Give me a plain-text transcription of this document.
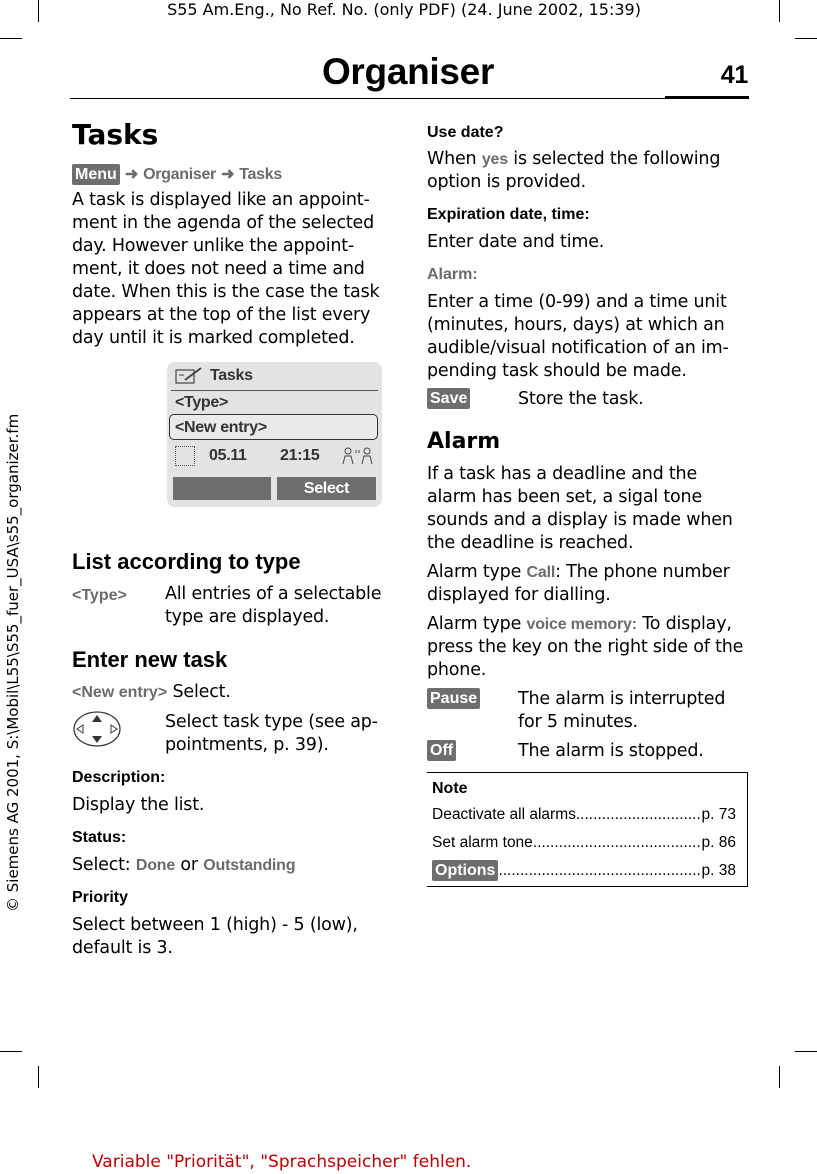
S55 Am.Eng., No Ref. No. (only PDF) (24. June 2002, 15:39)
Organiser	41
© Siemens AG 2001, S:\Mobil\L55\S55_fuer_USA\s55_organizer.fm
Tasks
Menu ➜ Organiser ➜ Tasks
A task is displayed like an appoint-ment in the agenda of the selected day. However unlike the appoint-ment, it does not need a time and date. When this is the case the task appears at the top of the list every day until it is marked completed.
Tasks
<Type>
<New entry>
05.11 21:15
Select
List according to type
<Type> All entries of a selectable type are displayed.
Enter new task
<New entry> Select.
Select task type (see ap-pointments, p. 39).
Description:
Display the list.
Status:
Select: Done or Outstanding
Priority
Select between 1 (high) - 5 (low), default is 3.
Use date?
When yes is selected the following option is provided.
Expiration date, time:
Enter date and time.
Alarm:
Enter a time (0-99) and a time unit (minutes, hours, days) at which an audible/visual notification of an im-pending task should be made.
Save	Store the task.
Alarm
If a task has a deadline and the alarm has been set, a sigal tone sounds and a display is made when the deadline is reached.
Alarm type Call: The phone number displayed for dialling.
Alarm type voice memory: To display, press the key on the right side of the phone.
Pause The alarm is interrupted for 5 minutes.
Off	The alarm is stopped.
Note
Deactivate all alarms .....	p. 73
Set alarm tone .....	p. 86
Options .....	p. 38
Variable "Priorität", "Sprachspeicher" fehlen.
